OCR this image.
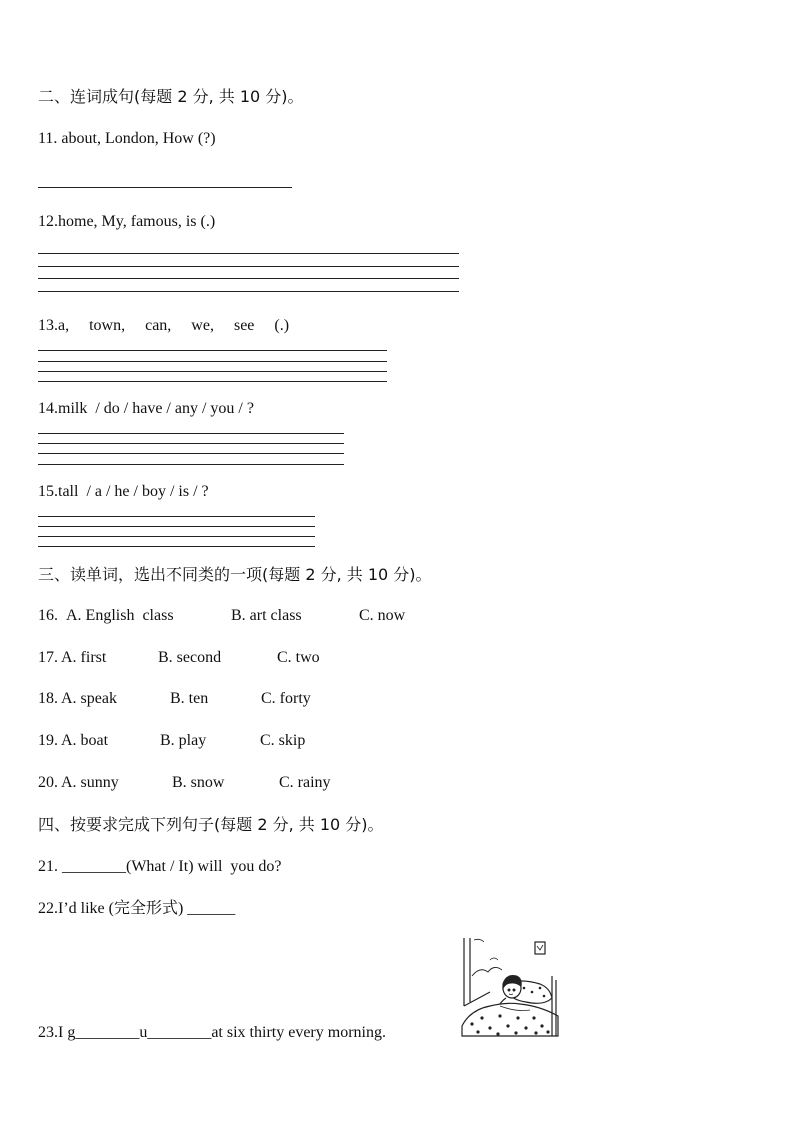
二、连词成句(每题 2 分, 共 10 分)。
11. about, London, How (?)
12.home, My, famous, is (.)
13.a,     town,     can,     we,     see     (.)
14.milk  / do / have / any / you / ?
15.tall  / a / he / boy / is / ?
三、读单词，选出不同类的一项(每题 2 分, 共 10 分)。
16. A. English  class	B. art class	C. now
17. A. first	B. second	C. two
18. A. speak	B. ten	C. forty
19. A. boat	B. play	C. skip
20. A. sunny	B. snow	C. rainy
四、按要求完成下列句子(每题 2 分, 共 10 分)。
21. ________(What / It) will  you do?
22.I’d like (完全形式) ______
23.I g________u________at six thirty every morning.
